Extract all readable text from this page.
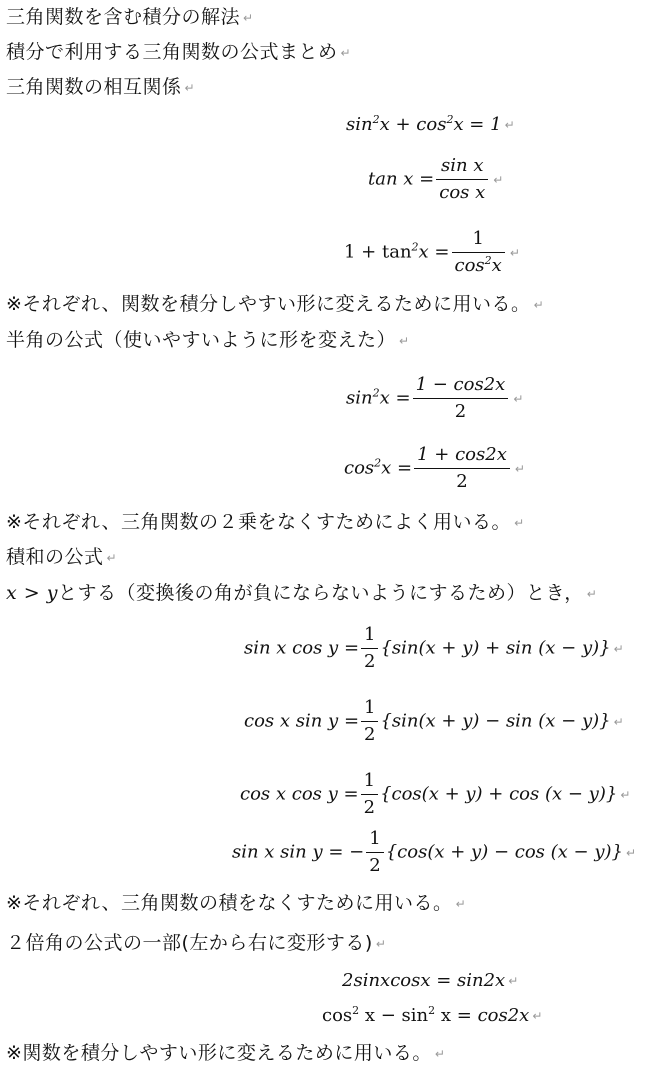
三角関数を含む積分の解法 ↵
積分で利用する三角関数の公式まとめ ↵
三角関数の相互関係 ↵
$\sin^2x + \cos^2x = 1$ ↵
$\tan x = \frac{\text{sin x}}{\text{cos x}}$ ↵
$1 + \tan^2x = \frac{1}{\cos^2x}$ ↵
※それぞれ、関数を積分しやすい形に変えるために用いる。 ↵
半角の公式（使いやすいように形を変えた） ↵
$\sin^2x = \frac{1 - \cos 2x}{2}$ ↵
$\cos^2x = \frac{1 + \cos 2x}{2}$ ↵
※それぞれ、三角関数の２乗をなくすためによく用いる。 ↵
積和の公式 ↵
x > yとする（変換後の角が負にならないようにするため）とき， ↵
sin x $\cos y = \frac{1}{2} \{\sin(x + y) + \sin (x - y)\}$ ↵
cos x $\sin y = \frac{1}{2} \{\sin(x + y) - \sin (x - y)\}$ ↵
cos x $\cos y = \frac{1}{2} \{\cos(x + y) + \cos (x - y)\}$ ↵
sin x sin y = − $\frac{1}{2} \{\cos(x + y) - \cos (x - y)\}$ ↵
※それぞれ、三角関数の積をなくすために用いる。 ↵
２倍角の公式の一部(左から右に変形する) ↵
2sinxcosx = sin2x ↵
$\cos^2 x - \sin^2 x = \cos 2x$ ↵
※関数を積分しやすい形に変えるために用いる。 ↵
